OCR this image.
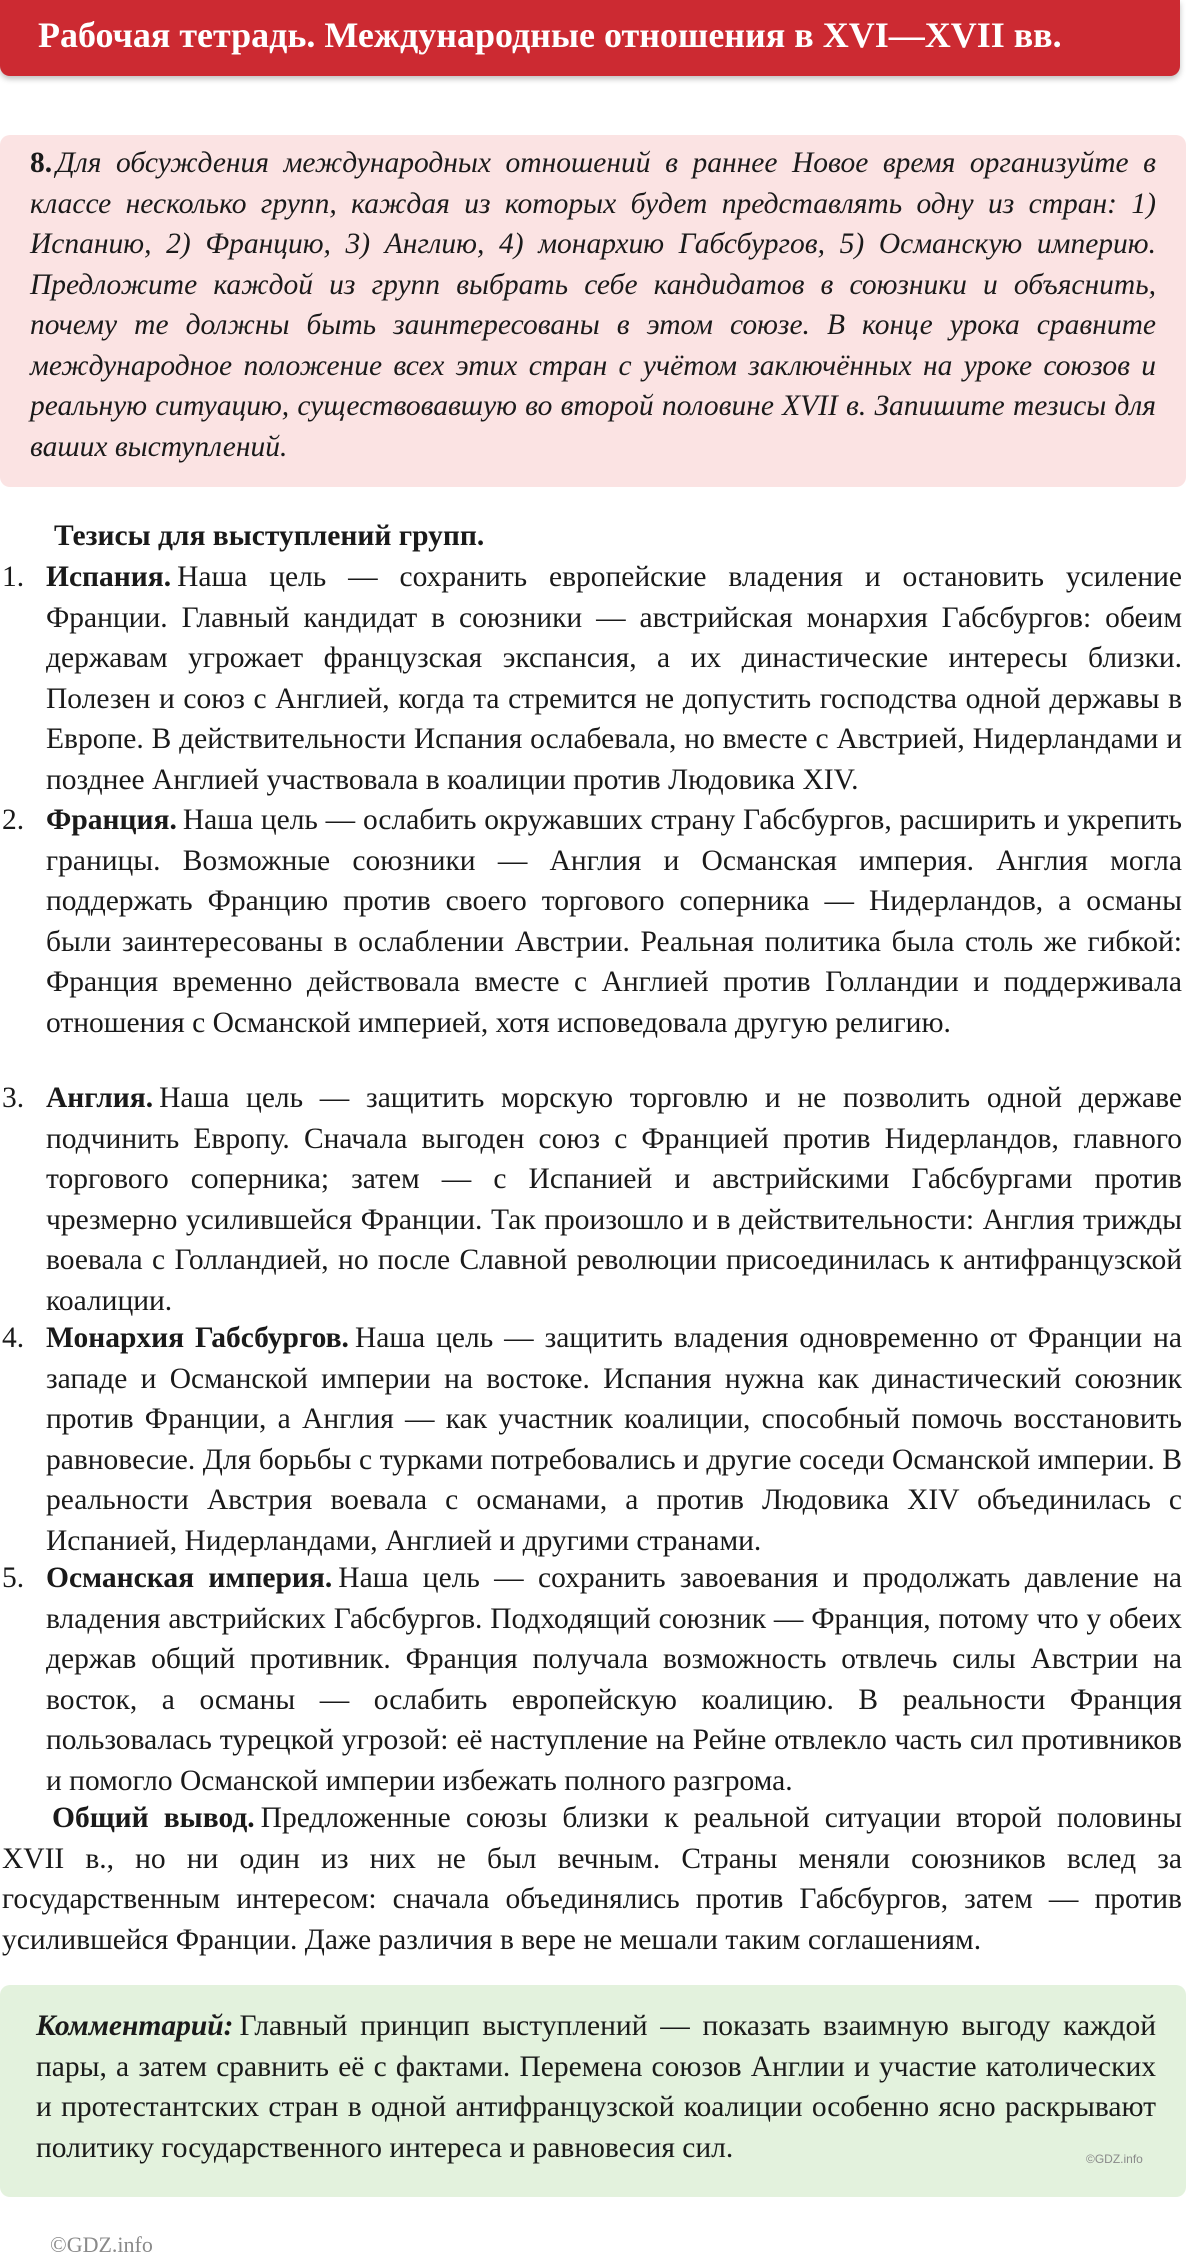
Рабочая тетрадь. Международные отношения в XVI—XVII вв.
8. Для обсуждения международных отношений в раннее Новое время организуйте в классе несколько групп, каждая из которых будет представлять одну из стран: 1) Испанию, 2) Францию, 3) Англию, 4) монархию Габсбургов, 5) Османскую империю. Предложите каждой из групп выбрать себе кандидатов в союзники и объяснить, почему те должны быть заинтересованы в этом союзе. В конце урока сравните международное положение всех этих стран с учётом заключённых на уроке союзов и реальную ситуацию, существовавшую во второй половине XVII в. Запишите тезисы для ваших выступлений.
Тезисы для выступлений групп.
1. Испания. Наша цель — сохранить европейские владения и остановить усиление Франции. Главный кандидат в союзники — австрийская монархия Габсбургов: обеим державам угрожает французская экспансия, а их династические интересы близки. Полезен и союз с Англией, когда та стремится не допустить господства одной державы в Европе. В действительности Испания ослабевала, но вместе с Австрией, Нидерландами и позднее Англией участвовала в коалиции против Людовика XIV.
2. Франция. Наша цель — ослабить окружавших страну Габсбургов, расширить и укрепить границы. Возможные союзники — Англия и Османская империя. Англия могла поддержать Францию против своего торгового соперника — Нидерландов, а османы были заинтересованы в ослаблении Австрии. Реальная политика была столь же гибкой: Франция временно действовала вместе с Англией против Голландии и поддерживала отношения с Османской империей, хотя исповедовала другую религию.
3. Англия. Наша цель — защитить морскую торговлю и не позволить одной державе подчинить Европу. Сначала выгоден союз с Францией против Нидерландов, главного торгового соперника; затем — с Испанией и австрийскими Габсбургами против чрезмерно усилившейся Франции. Так произошло и в действительности: Англия трижды воевала с Голландией, но после Славной революции присоединилась к антифранцузской коалиции.
4. Монархия Габсбургов. Наша цель — защитить владения одновременно от Франции на западе и Османской империи на востоке. Испания нужна как династический союзник против Франции, а Англия — как участник коалиции, способный помочь восстановить равновесие. Для борьбы с турками потребовались и другие соседи Османской империи. В реальности Австрия воевала с османами, а против Людовика XIV объединилась с Испанией, Нидерландами, Англией и другими странами.
5. Османская империя. Наша цель — сохранить завоевания и продолжать давление на владения австрийских Габсбургов. Подходящий союзник — Франция, потому что у обеих держав общий противник. Франция получала возможность отвлечь силы Австрии на восток, а османы — ослабить европейскую коалицию. В реальности Франция пользовалась турецкой угрозой: её наступление на Рейне отвлекло часть сил противников и помогло Османской империи избежать полного разгрома.
Общий вывод. Предложенные союзы близки к реальной ситуации второй половины XVII в., но ни один из них не был вечным. Страны меняли союзников вслед за государственным интересом: сначала объединялись против Габсбургов, затем — против усилившейся Франции. Даже различия в вере не мешали таким соглашениям.
Комментарий: Главный принцип выступлений — показать взаимную выгоду каждой пары, а затем сравнить её с фактами. Перемена союзов Англии и участие католических и протестантских стран в одной антифранцузской коалиции особенно ясно раскрывают политику государственного интереса и равновесия сил.	©GDZ.info
©GDZ.info
